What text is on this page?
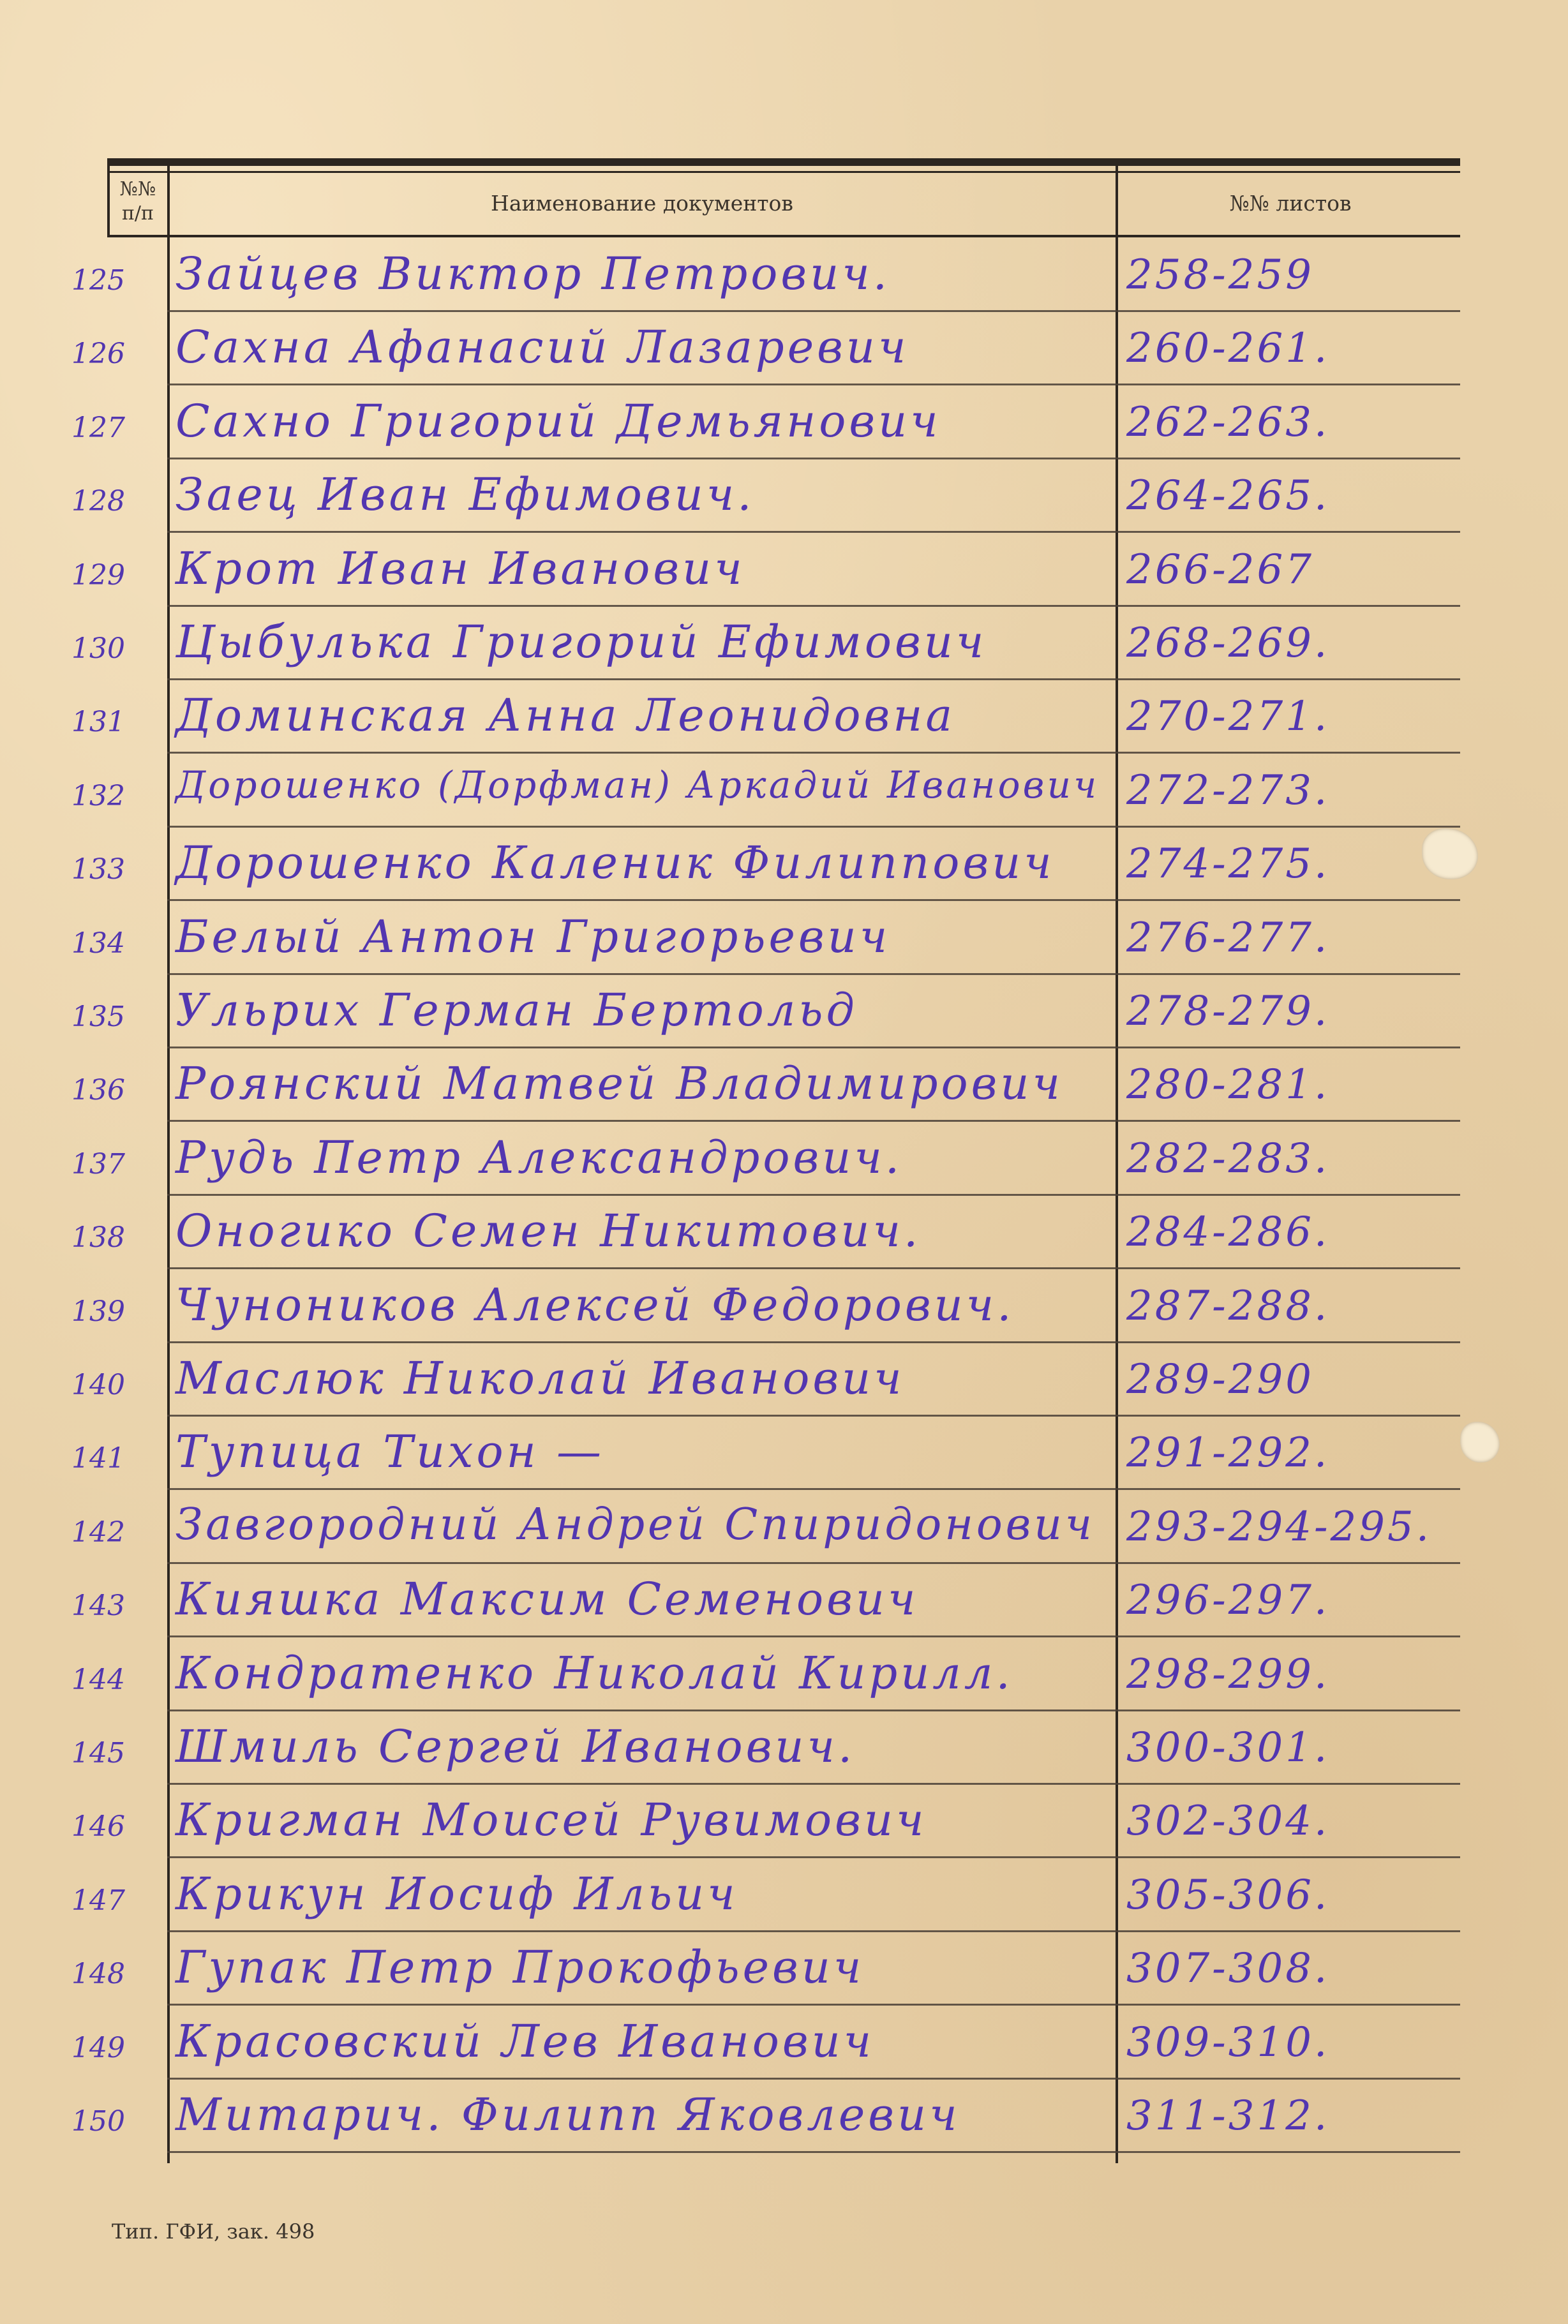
№№ п/п	Наименование документов	№№ листов
125	Зайцев Виктор Петрович.	258-259
126	Сахна Афанасий Лазаревич	260-261.
127	Сахно Григорий Демьянович	262-263.
128	Заец Иван Ефимович.	264-265.
129	Крот Иван Иванович	266-267
130	Цыбулька Григорий Ефимович	268-269.
131	Доминская Анна Леонидовна	270-271.
132	Дорошенко (Дорфман) Аркадий Иванович 272-273.
133	Дорошенко Каленик Филиппович 274-275.
134	Белый Антон Григорьевич	276-277.
135	Ульрих Герман Бертольд	278-279.
136	Роянский Матвей Владимирович 280-281.
137	Рудь Петр Александрович.	282-283.
138	Оногико Семен Никитович.	284-286.
139	Чуноников Алексей Федорович.	287-288.
140	Маслюк Николай Иванович	289-290
141	Тупица Тихон —	291-292.
142	Завгородний Андрей Спиридонович 293-294-295.
143	Кияшка Максим Семенович	296-297.
144	Кондратенко Николай Кирилл.	298-299.
145	Шмиль Сергей Иванович.	300-301.
146	Кригман Моисей Рувимович	302-304.
147	Крикун Иосиф Ильич	305-306.
148	Гупак Петр Прокофьевич	307-308.
149	Красовский Лев Иванович	309-310.
150	Митарич. Филипп Яковлевич	311-312.
Тип. ГФИ, зак. 498
